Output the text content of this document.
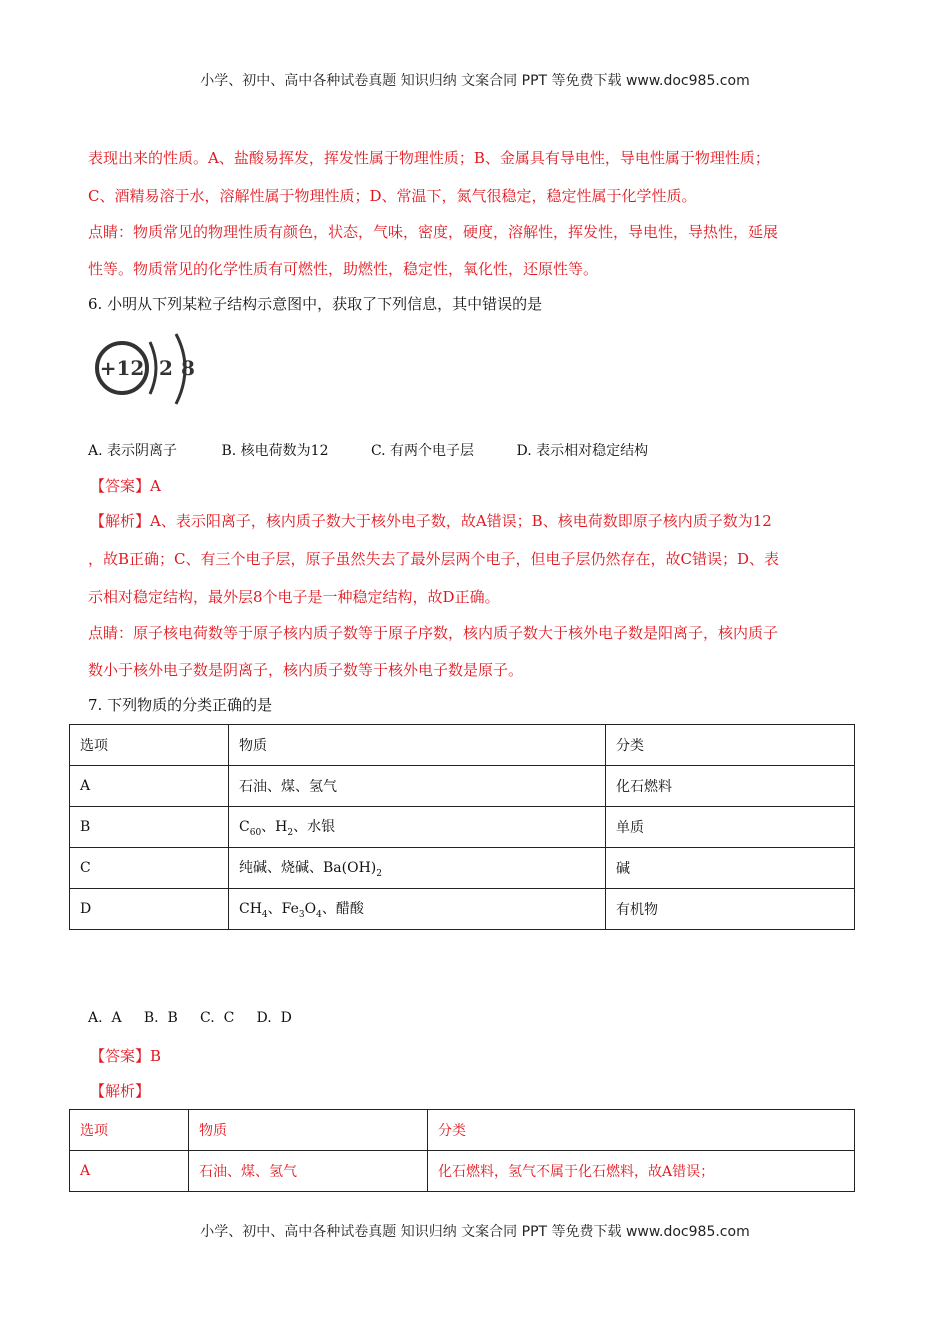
小学、初中、高中各种试卷真题 知识归纳 文案合同 PPT 等免费下载 www.doc985.com
表现出来的性质。A、盐酸易挥发，挥发性属于物理性质；B、金属具有导电性，导电性属于物理性质；
C、酒精易溶于水，溶解性属于物理性质；D、常温下，氮气很稳定，稳定性属于化学性质。
点睛：物质常见的物理性质有颜色，状态，气味，密度，硬度，溶解性，挥发性，导电性，导热性，延展
性等。物质常见的化学性质有可燃性，助燃性，稳定性，氧化性，还原性等。
6. 小明从下列某粒子结构示意图中，获取了下列信息，其中错误的是
+12 2 8
A. 表示阴离子	B. 核电荷数为12	C. 有两个电子层	D. 表示相对稳定结构
【答案】A
【解析】A、表示阳离子，核内质子数大于核外电子数，故A错误；B、核电荷数即原子核内质子数为12
，故B正确；C、有三个电子层，原子虽然失去了最外层两个电子，但电子层仍然存在，故C错误；D、表
示相对稳定结构，最外层8个电子是一种稳定结构，故D正确。
点睛：原子核电荷数等于原子核内质子数等于原子序数，核内质子数大于核外电子数是阳离子，核内质子
数小于核外电子数是阴离子，核内质子数等于核外电子数是原子。
7. 下列物质的分类正确的是
选项	物质	分类
A	石油、煤、氢气	化石燃料
B	$C_{60}$、$H_2$、水银	单质
C	纯碱、烧碱、$Ba(OH)_2$	碱
D	$CH_4$、$Fe_3O_4$、醋酸	有机物
A.  A     B.  B     C.  C     D.  D
【答案】B
【解析】
选项	物质	分类
A	石油、煤、氢气	化石燃料，氢气不属于化石燃料，故A错误；
小学、初中、高中各种试卷真题 知识归纳 文案合同 PPT 等免费下载 www.doc985.com
